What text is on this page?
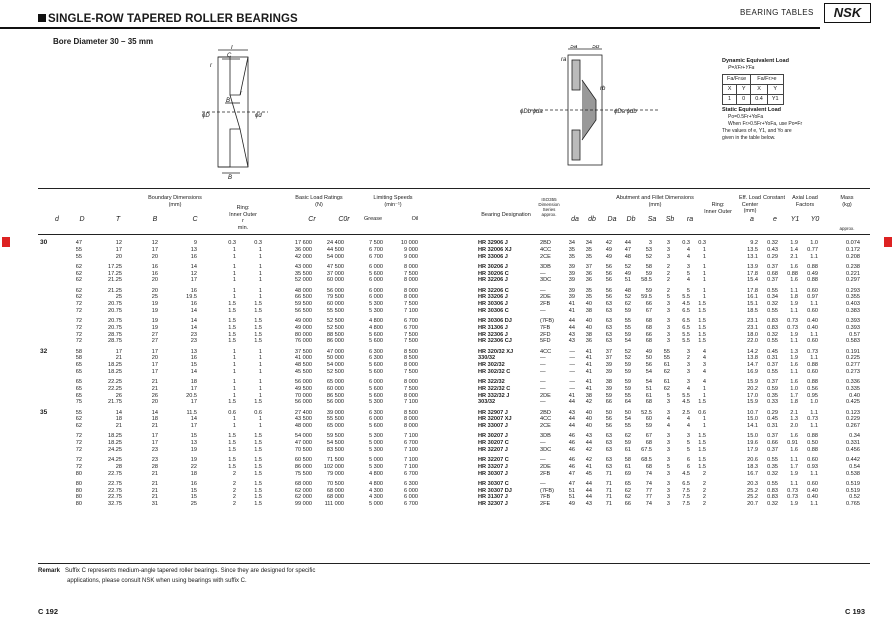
SINGLE-ROW TAPERED ROLLER BEARINGS
BEARING TABLES	NSK
Bore Diameter 30 – 35 mm
T
C
r
B
ϕD	ϕd
r
B
Sa Sb
ra
rb
ϕDb ϕda	ϕDa ϕdb
Dynamic Equivalent Load
P=XFr+YFa
Fa/Fr≤e		Fa/Fr>e	
X	Y	X	Y
1	0	0.4	Y1
Static Equivalent Load
Po=0.5Fr+YoFa
When Fr>0.5Fr+YoFa, use Po=Fr
The values of e, Y1, and Yo are
given in the table below.
Boundary Dimensions
(mm)
Ring:
Inner Outer
r
min.
Basic Load Ratings
(N)
Limiting Speeds
(min⁻¹)
Grease	Oil
Bearing Designation
ISO355
Dimension
Series
approx.
Abutment and Fillet Dimensions
(mm)	Ring:
Inner Outer
Eff. Load
Center
(mm)
Constant	Axial Load
Factors
Mass
(kg)
approx.
d	D	T	B	C	Cr	C0r	da	db	Da	Db	Sa	Sb	ra	a	e	Y1	Y0
30	47	12	12	9	0.3	0.3	17 600	24 400	7 500	10 000	HR 32906 J	2BD	34 34 42 44	3	3 0.3 0.3	9.2 0.32 1.9 1.0	0.074
55	17	17	13	1	1	36 000	44 500	6 700	9 000	HR 32006 XJ	4CC	35 35 49 47	53	3	4 1	13.5 0.43 1.4 0.77	0.172
55	20	20	16	1	1	42 000	54 000	6 700	9 000	HR 33006 J	2CE	35 35 49 48	52	3	4 1	13.1 0.29 2.1 1.1	0.208
62	17.25	16	14	1	1	43 000	47 500	6 000	8 000	HR 30206 J	3DB	39 37 56 52	58	2	3 1	13.9 0.37 1.6 0.88	0.238
62	17.25	16	12	1	1	35 500	37 000	5 600	7 500	HR 30206 C	—	39 36 56 49	59	2	5 1	17.8 0.68 0.88 0.49	0.221
62	21.25	20	17	1	1	52 000	60 000	6 000	8 000	HR 32206 J	3DC	39 36 56 51 58.5	2	4 1	15.4 0.37 1.6 0.88	0.297
62	21.25	20	16	1	1	48 000	56 000	6 000	8 000	HR 32206 C	—	39 35 56 48	59	2	5 1	17.8 0.55 1.1 0.60	0.293
62	25	25	19.5	1	1	66 500	79 500	6 000	8 000	HR 33206 J	2DE	39 35 56 52 59.5	5 5.5 1	16.1 0.34 1.8 0.97	0.355
72	20.75	19	16	1.5	1.5	59 500	60 000	5 300	7 500	HR 30306 J	2FB	41 40 63 62	66	3 4.5 1.5	15.1 0.32 1.9 1.1	0.403
72	20.75	19	14	1.5	1.5	56 500	55 500	5 300	7 100	HR 30306 C	—	41 38 63 59	67	3 6.5 1.5	18.5 0.55 1.1 0.60	0.383
72	20.75	19	14	1.5	1.5	49 000	52 500	4 800	6 700	HR 30306 DJ	(7FB)	44 40 63 55	68	3 6.5 1.5	23.1 0.83 0.73 0.40	0.393
72	20.75	19	14	1.5	1.5	49 000	52 500	4 800	6 700	HR 31306 J	7FB	44 40 63 55	68	3 6.5 1.5	23.1 0.83 0.73 0.40	0.393
72	28.75	27	23	1.5	1.5	80 000	88 500	5 600	7 500	HR 32306 J	2FD	43 38 63 59	66	3 5.5 1.5	18.0 0.32 1.9 1.1	0.57
72	28.75	27	23	1.5	1.5	76 000	86 000	5 600	7 500	HR 32306 CJ	5FD	43 36 63 54	68	3 5.5 1.5	22.0 0.55 1.1 0.60	0.583
32	58	17	17	13	1	1	37 500	47 000	6 300	8 500	HR 320/32 XJ	4CC	— 41 37 52	49 55	3 4	14.2 0.45 1.3 0.73	0.191
58	21	20	16	1	1	41 000	50 000	6 300	8 500	330/32	—	— 41 37 52	50 55	2 4	13.8 0.31 1.9 1.1	0.225
65	18.25	17	15	1	1	48 500	54 000	5 600	8 000	HR 302/32	—	— 41 39 59	56 61	3 3	14.7 0.37 1.6 0.88	0.277
65	18.25	17	14	1	1	45 500	52 500	5 600	7 500	HR 302/32 C	—	— 41 39 59	54 62	3 4	16.9 0.55 1.1 0.60	0.273
65	22.25	21	18	1	1	56 000	65 000	6 000	8 000	HR 322/32	—	— 41 38 59	54 61	3 4	15.9 0.37 1.6 0.88	0.336
65	22.25	21	17	1	1	49 500	60 000	5 600	7 500	HR 322/32 C	—	— 41 39 59	51 62	4 1	20.2 0.59 1.0 0.56	0.335
65	26	26	20.5	1	1	70 000	86 500	5 600	8 000	HR 332/32 J	2DE	41 38 59 55	61	5 5.5 1	17.0 0.35 1.7 0.95	0.40
75	21.75	20	17	1.5	1.5	56 000	56 000	5 300	7 100	303/32	—	44 42 66 64	68	3 4.5 1.5	15.9 0.33 1.8 1.0	0.425
35	55	14	14	11.5	0.6	0.6	27 400	39 000	6 300	8 500	HR 32907 J	2BD	43 40 50 50 52.5	3 2.5 0.6	10.7 0.29 2.1 1.1	0.123
62	18	18	14	1	1	43 500	55 500	6 000	8 000	HR 32007 XJ	4CC	44 40 56 54	60	4	4 1	15.0 0.45 1.3 0.73	0.229
62	21	21	17	1	1	48 000	65 000	5 600	8 000	HR 33007 J	2CE	44 40 56 55	59	4	4 1	14.1 0.31 2.0 1.1	0.267
72	18.25	17	15	1.5	1.5	54 000	59 500	5 300	7 100	HR 30207 J	3DB	46 43 63 62	67	3	3 1.5	15.0 0.37 1.6 0.88	0.34
72	18.25	17	13	1.5	1.5	47 000	54 500	5 000	6 700	HR 30207 C	—	46 44 63 59	68	3	5 1.5	19.6 0.66 0.91 0.50	0.331
72	24.25	23	19	1.5	1.5	70 500	83 500	5 300	7 100	HR 32207 J	3DC	46 42 63 61 67.5	3	5 1.5	17.9 0.37 1.6 0.88	0.456
72	24.25	23	19	1.5	1.5	60 500	71 500	5 000	7 100	HR 32207 C	—	46 42 63 58 68.5	3	6 1.5	20.6 0.55 1.1 0.60	0.442
72	28	28	22	1.5	1.5	86 000 102 000	5 300	7 100	HR 33207 J	2DE	46 41 63 61	68	5	6 1.5	18.3 0.35 1.7 0.93	0.54
80	22.75	21	18	2	1.5	75 500	79 000	4 800	6 700	HR 30307 J	2FB	47 45 71 69	74	3 4.5 2	16.7 0.32 1.9 1.1	0.538
80	22.75	21	16	2	1.5	68 000	70 500	4 800	6 300	HR 30307 C	—	47 44 71 65	74	3 6.5 2	20.3 0.55 1.1 0.60	0.519
80	22.75	21	15	2	1.5	62 000	68 000	4 300	6 000	HR 30307 DJ	(7FB)	51 44 71 62	77	3 7.5 2	25.2 0.83 0.73 0.40	0.519
80	22.75	21	15	2	1.5	62 000	68 000	4 300	6 000	HR 31307 J	7FB	51 44 71 62	77	3 7.5 2	25.2 0.83 0.73 0.40	0.52
80	32.75	31	25	2	1.5	99 000 111 000	5 000	6 700	HR 32307 J	2FE	49 43 71 66	74	3 7.5 2	20.7 0.32 1.9 1.1	0.765
Remark Suffix C represents medium-angle tapered roller bearings. Since they are designed for specific
applications, please consult NSK when using bearings with suffix C.
C 192	C 193
